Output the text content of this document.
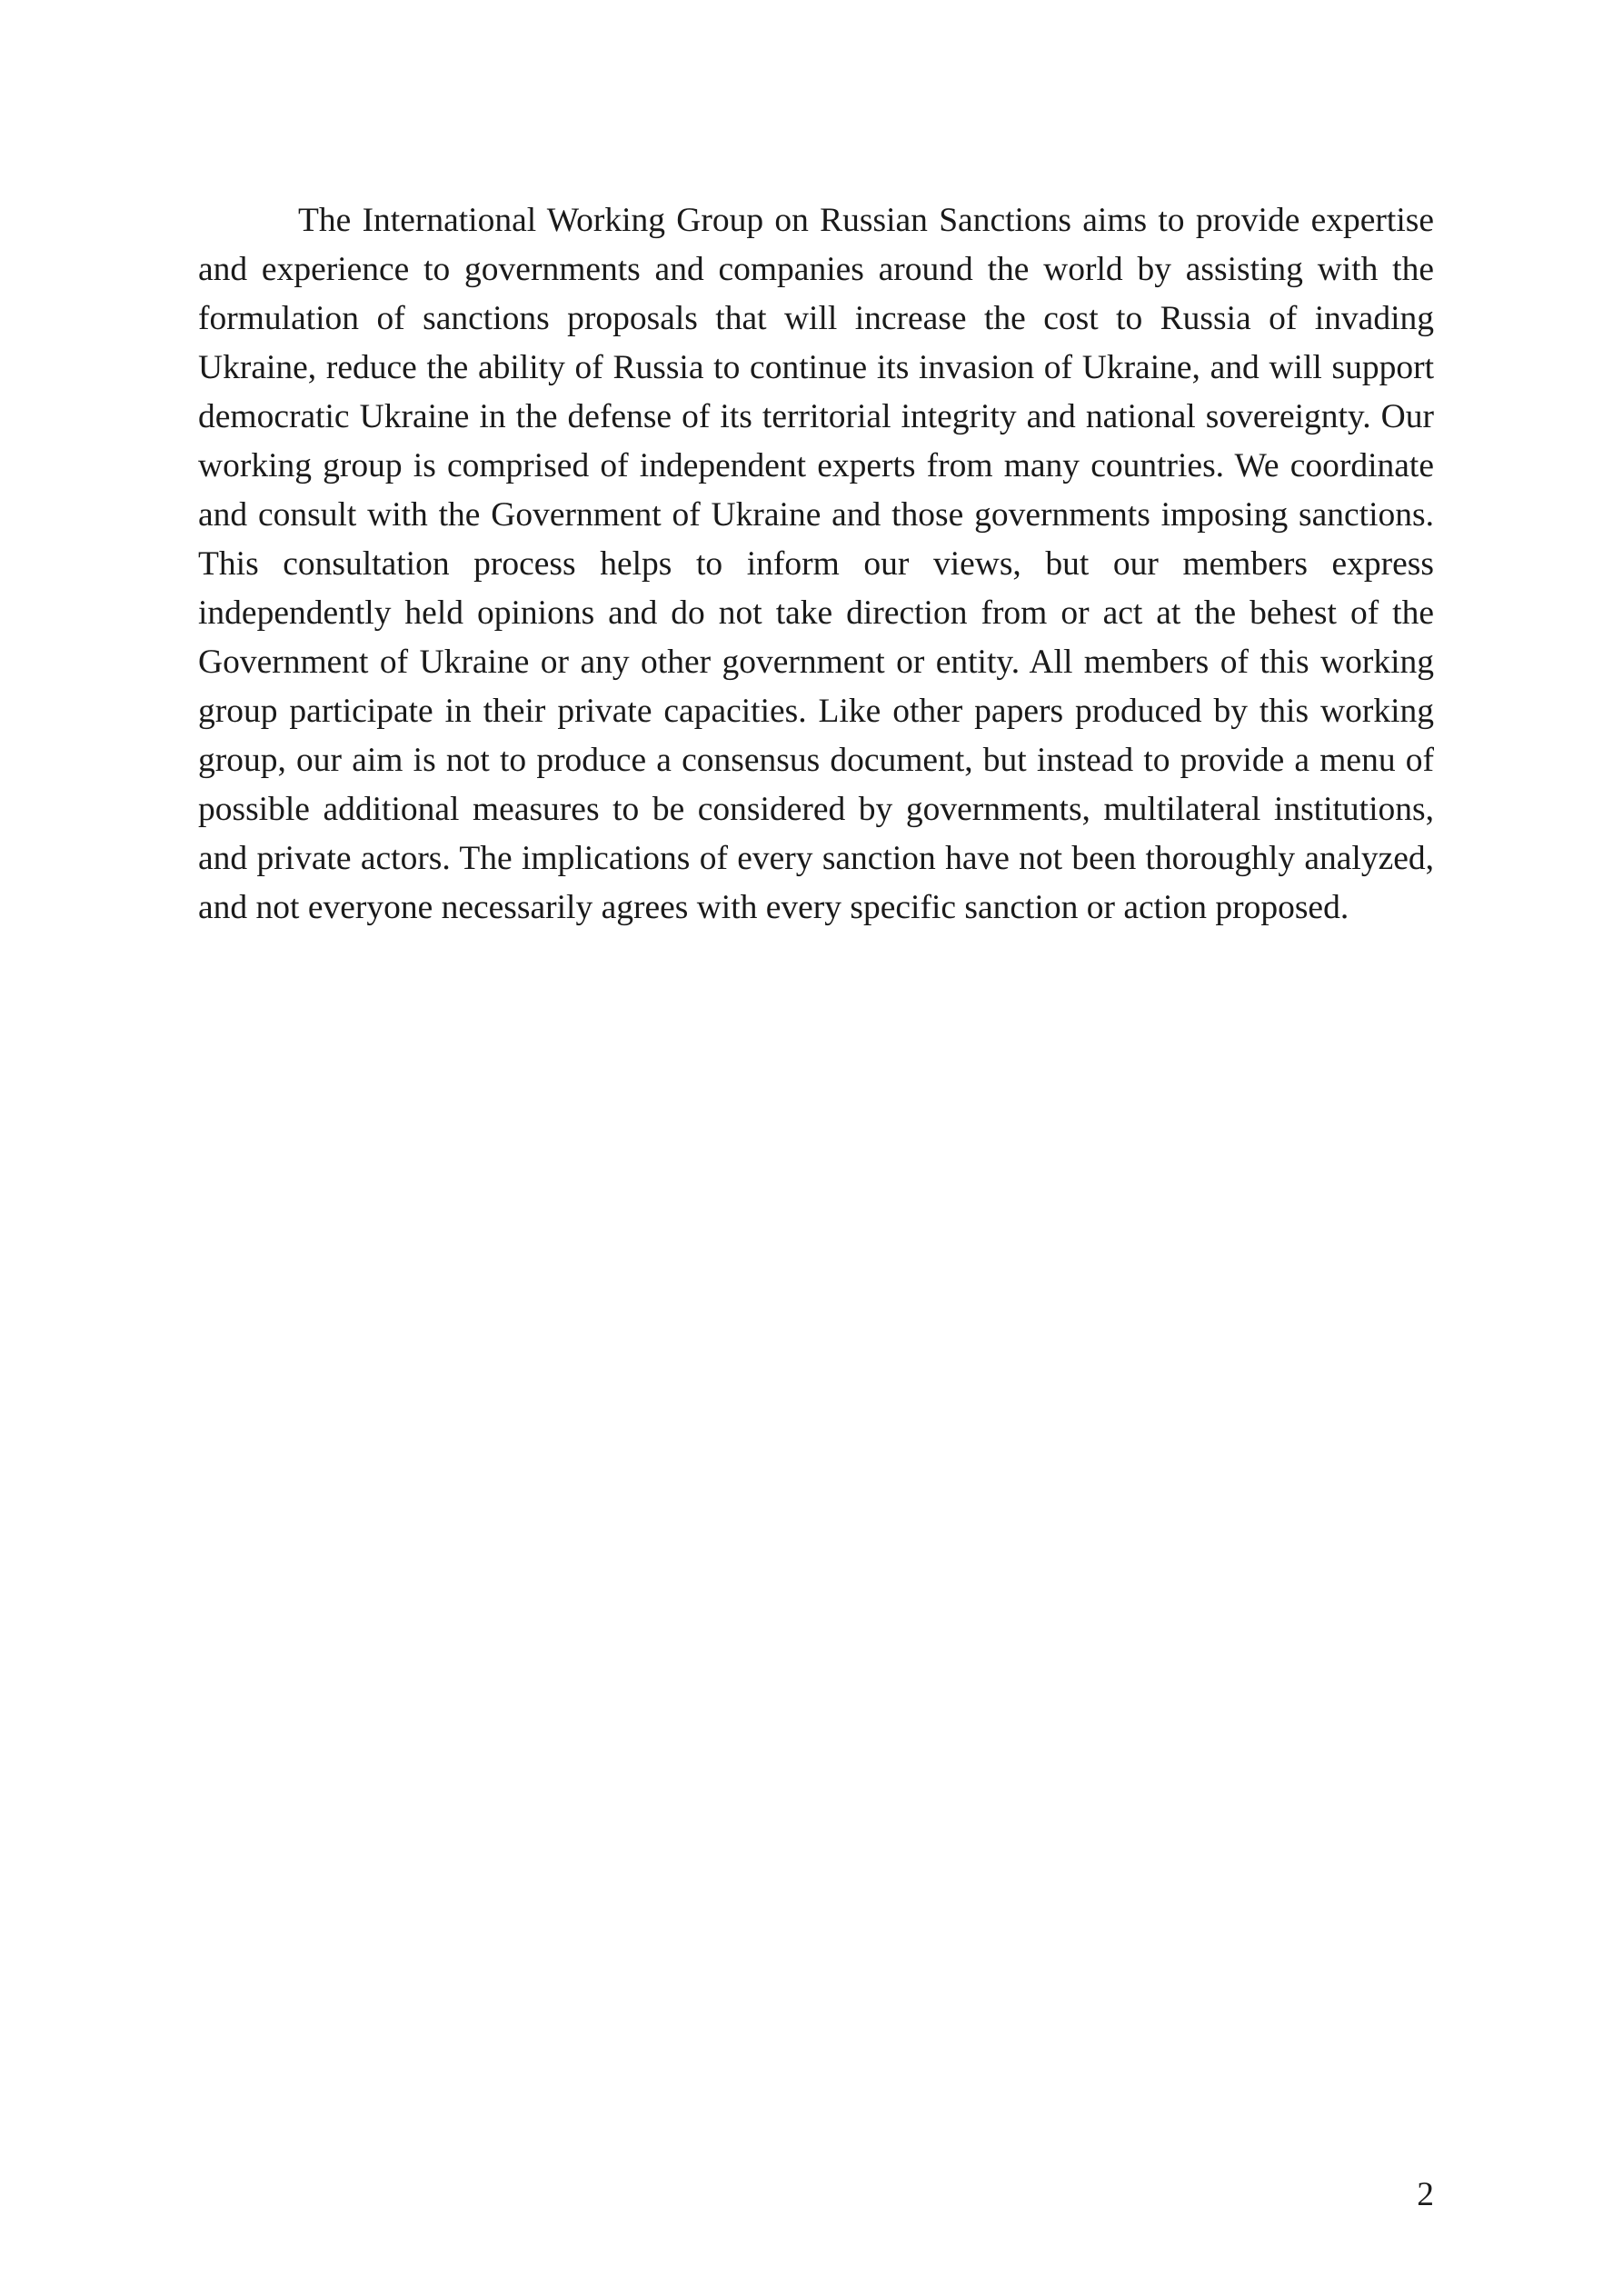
The International Working Group on Russian Sanctions aims to provide expertise and experience to governments and companies around the world by assisting with the formulation of sanctions proposals that will increase the cost to Russia of invading Ukraine, reduce the ability of Russia to continue its invasion of Ukraine, and will support democratic Ukraine in the defense of its territorial integrity and national sovereignty. Our working group is comprised of independent experts from many countries. We coordinate and consult with the Government of Ukraine and those governments imposing sanctions. This consultation process helps to inform our views, but our members express independently held opinions and do not take direction from or act at the behest of the Government of Ukraine or any other government or entity. All members of this working group participate in their private capacities. Like other papers produced by this working group, our aim is not to produce a consensus document, but instead to provide a menu of possible additional measures to be considered by governments, multilateral institutions, and private actors. The implications of every sanction have not been thoroughly analyzed, and not everyone necessarily agrees with every specific sanction or action proposed.

2
